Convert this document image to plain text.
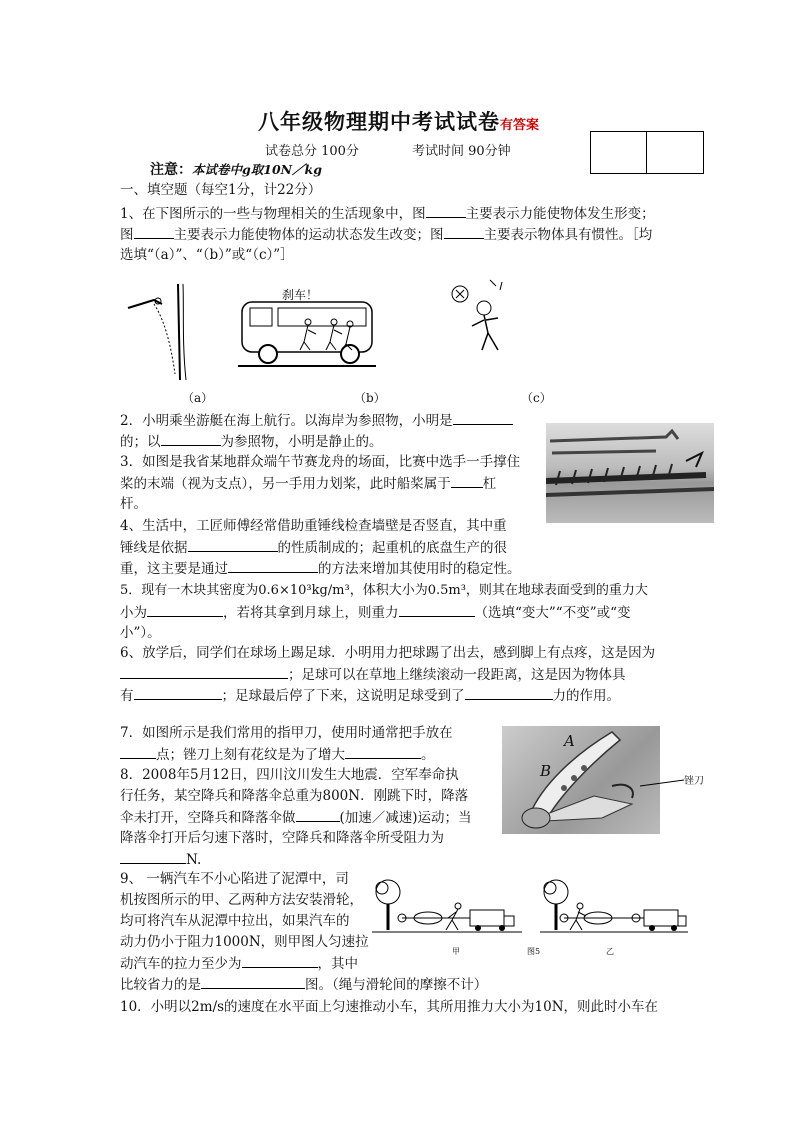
八年级物理期中考试试卷有答案
试卷总分 100分	考试时间 90分钟
注意：本试卷中g取10N／kg
一、填空题（每空1分，计22分）
1、在下图所示的一些与物理相关的生活现象中，图	主要表示力能使物体发生形变；
图	主要表示力能使物体的运动状态发生改变；图	主要表示物体具有惯性。［均
选填“（a）”、“（b）”或“（c）”］
刹车！
（a）	（b）	（c）
2．小明乘坐游艇在海上航行。以海岸为参照物，小明是
的；以	为参照物，小明是静止的。
3．如图是我省某地群众端午节赛龙舟的场面，比赛中选手一手撑住
桨的末端（视为支点），另一手用力划桨，此时船桨属于 杠
杆。
4、生活中，工匠师傅经常借助重锤线检查墙壁是否竖直，其中重
锤线是依据	的性质制成的；起重机的底盘生产的很
重，这主要是通过	的方法来增加其使用时的稳定性。
5．现有一木块其密度为0.6×10³kg/m³，体积大小为0.5m³，则其在地球表面受到的重力大
小为	，若将其拿到月球上，则重力	（选填“变大”“不变”或“变
小”）。
6、放学后，同学们在球场上踢足球．小明用力把球踢了出去，感到脚上有点疼，这是因为
；足球可以在草地上继续滚动一段距离，这是因为物体具
有	；足球最后停了下来，这说明足球受到了	力的作用。
A
B
锉刀
7．如图所示是我们常用的指甲刀，使用时通常把手放在
点；锉刀上刻有花纹是为了增大	。
8．2008年5月12日，四川汶川发生大地震．空军奉命执
行任务，某空降兵和降落伞总重为800N．刚跳下时，降落
伞未打开，空降兵和降落伞做	(加速／减速)运动；当
降落伞打开后匀速下落时，空降兵和降落伞所受阻力为
N.
甲	图5	乙
9、 一辆汽车不小心陷进了泥潭中，司
机按图所示的甲、乙两种方法安装滑轮，
均可将汽车从泥潭中拉出，如果汽车的
动力仍小于阻力1000N，则甲图人匀速拉
动汽车的拉力至少为	，其中
比较省力的是	图。（绳与滑轮间的摩擦不计）
10．小明以2m/s的速度在水平面上匀速推动小车，其所用推力大小为10N，则此时小车在
